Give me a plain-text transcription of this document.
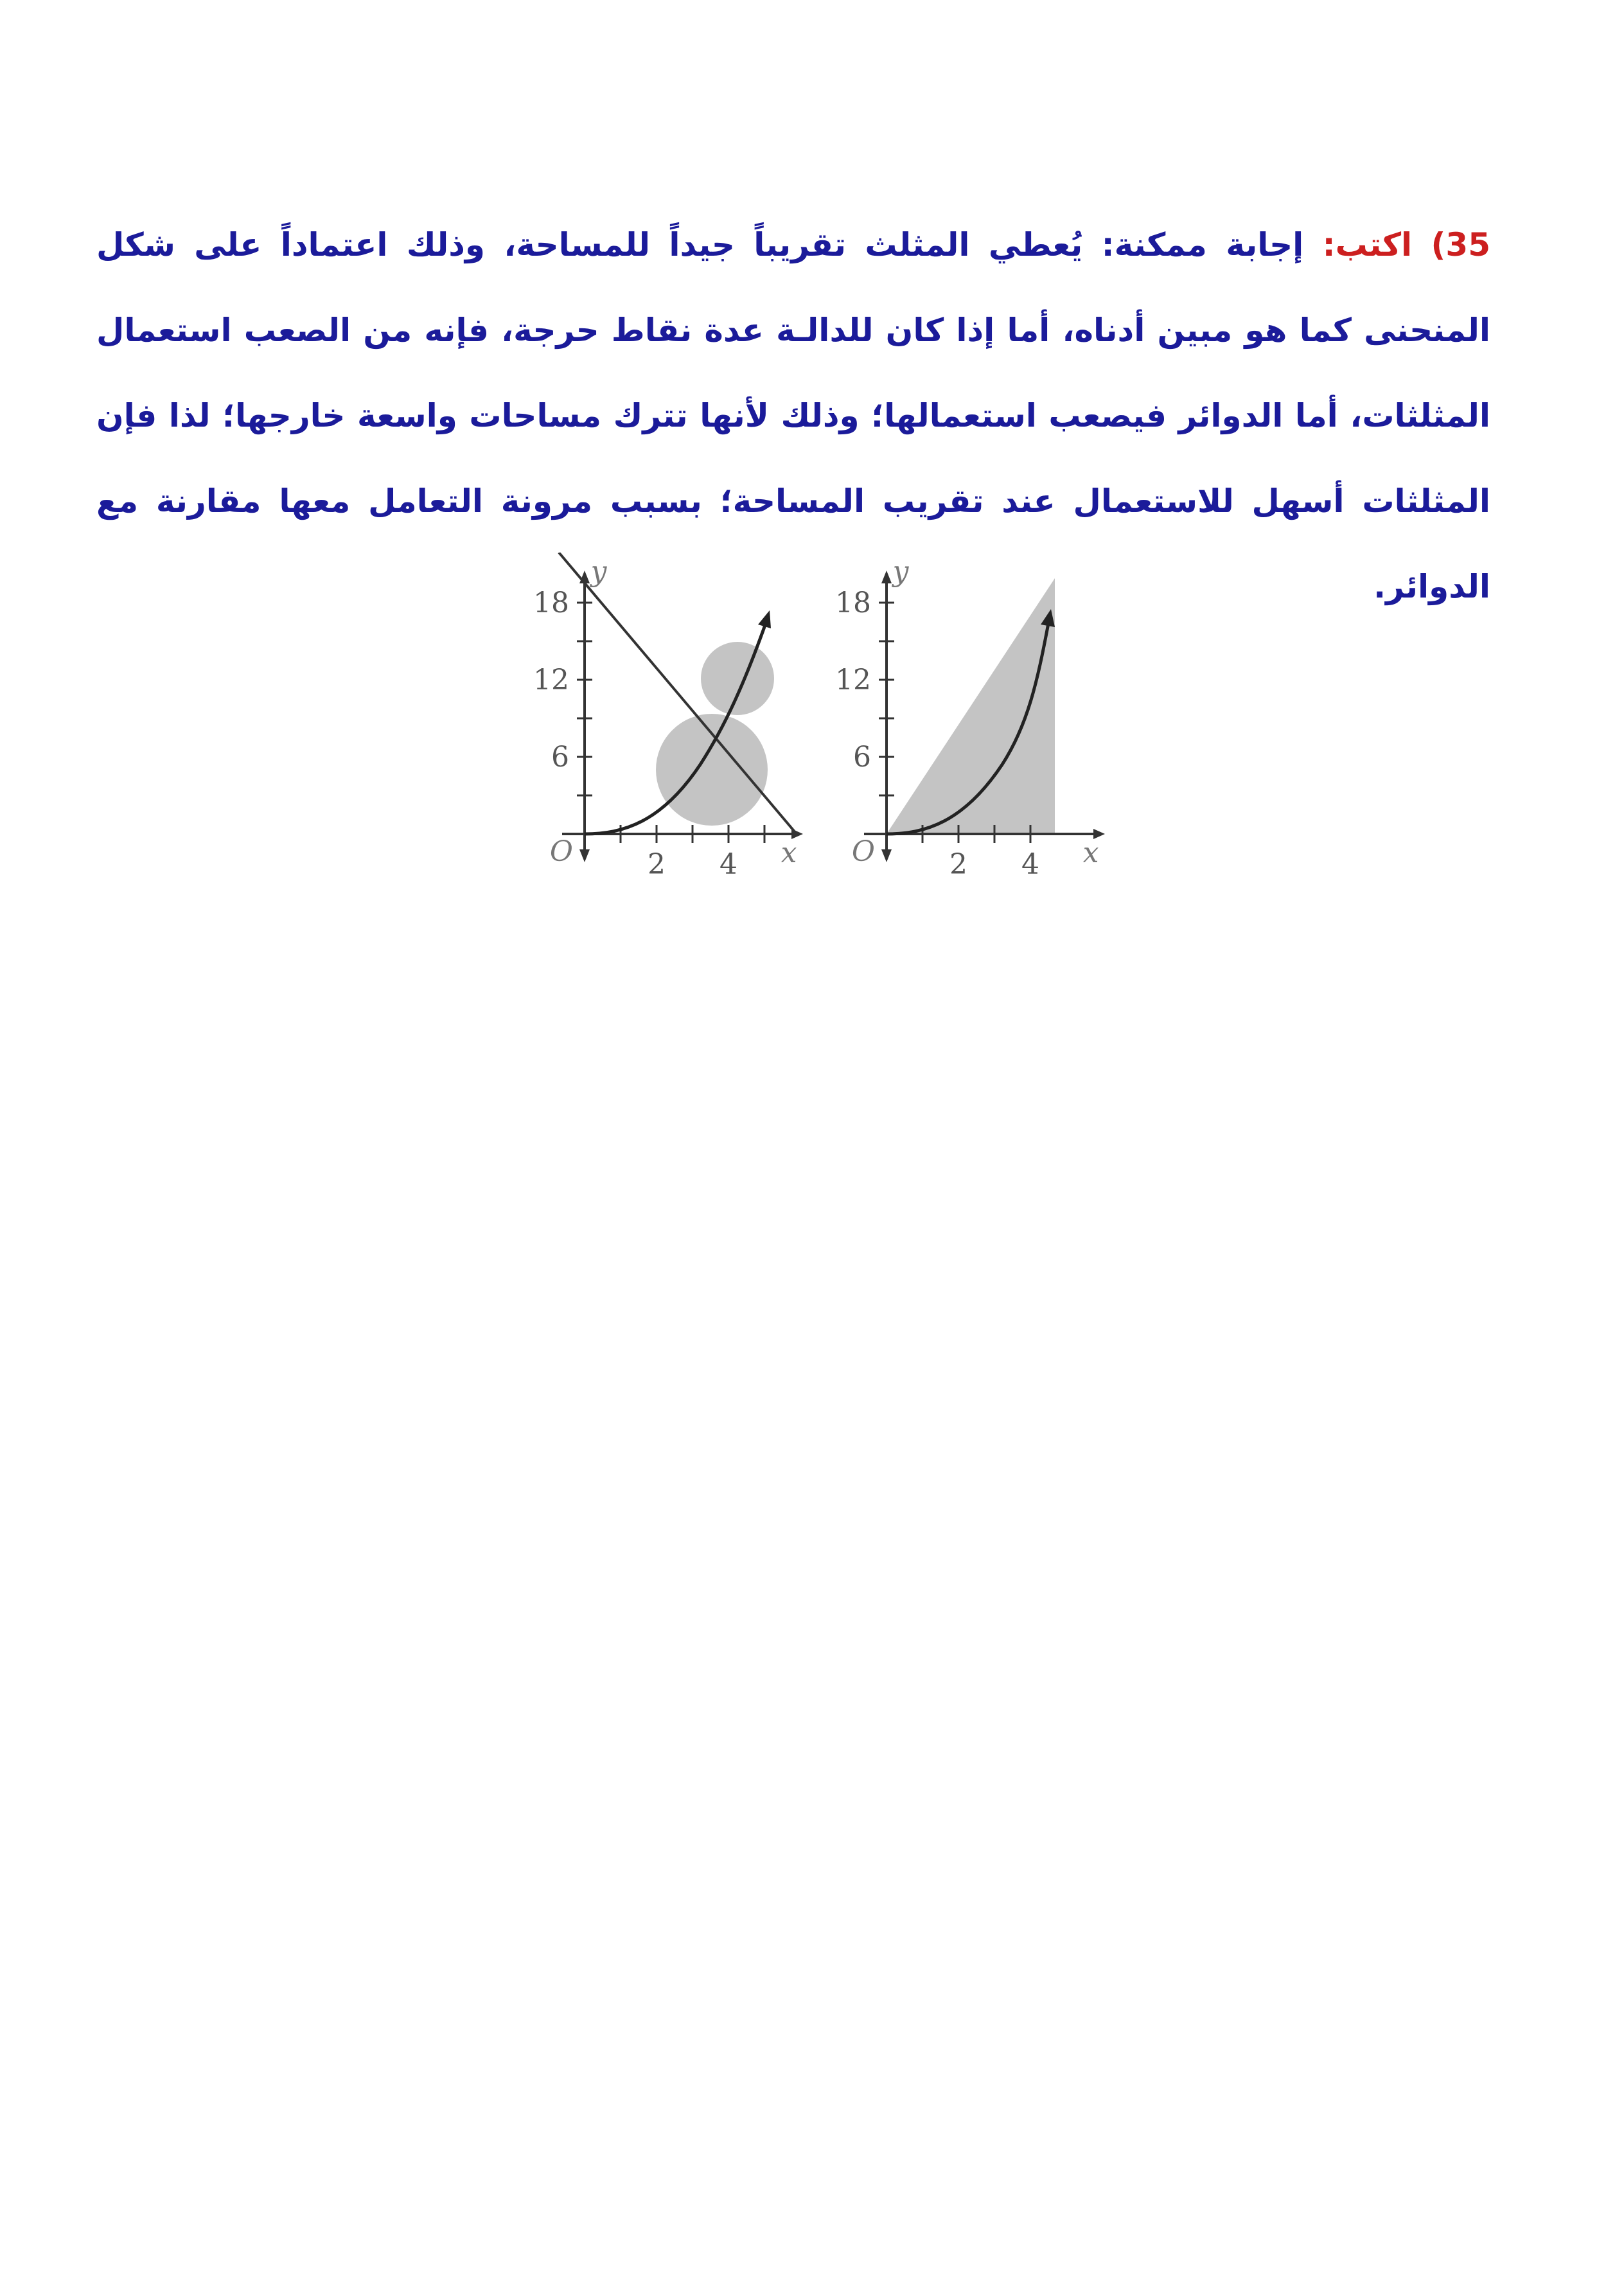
35) اكتب: إجابة ممكنة: يُعطي المثلث تقريباً جيداً للمساحة، وذلك اعتماداً على شكل المنحنى كما هو مبين أدناه، أما إذا كان للدالـة عدة نقاط حرجة، فإنه من الصعب استعمال المثلثات، أما الدوائر فيصعب استعمالها؛ وذلك لأنها تترك مساحات واسعة خارجها؛ لذا فإن المثلثات أسهل للاستعمال عند تقريب المساحة؛ بسبب مرونة التعامل معها مقارنة مع الدوائر.
18
12
6
2 4
O	x
y
18
12
6
2 4
O	x
y
